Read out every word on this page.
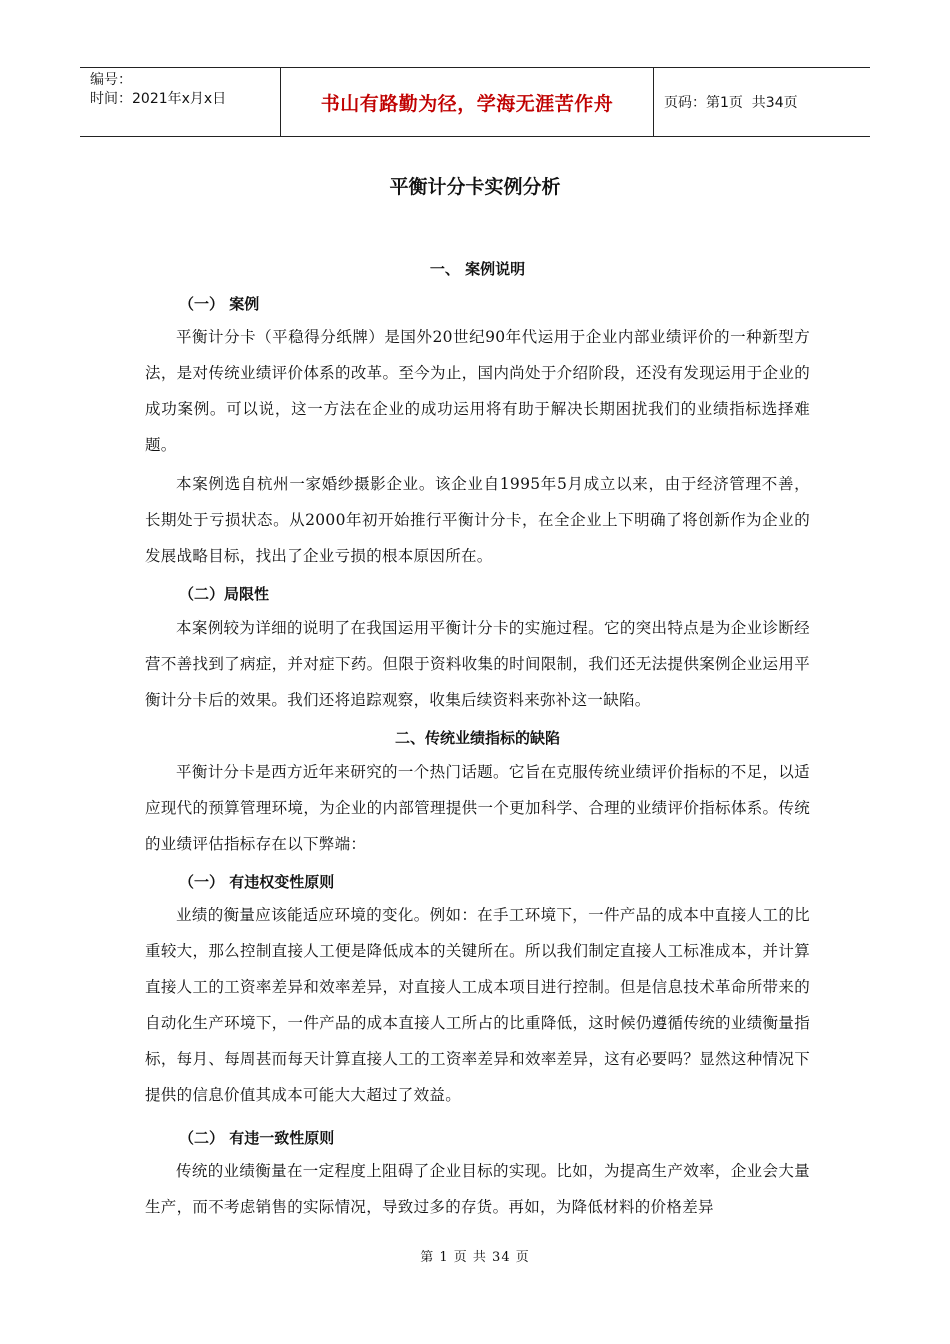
编号：
时间：2021年x月x日	书山有路勤为径，学海无涯苦作舟	页码：第1页  共34页
平衡计分卡实例分析
一、 案例说明
（一） 案例
平衡计分卡（平稳得分纸牌）是国外20世纪90年代运用于企业内部业绩评价的一种新型方法，是对传统业绩评价体系的改革。至今为止，国内尚处于介绍阶段，还没有发现运用于企业的成功案例。可以说，这一方法在企业的成功运用将有助于解决长期困扰我们的业绩指标选择难题。
本案例选自杭州一家婚纱摄影企业。该企业自1995年5月成立以来，由于经济管理不善，长期处于亏损状态。从2000年初开始推行平衡计分卡，在全企业上下明确了将创新作为企业的发展战略目标，找出了企业亏损的根本原因所在。
（二）局限性
本案例较为详细的说明了在我国运用平衡计分卡的实施过程。它的突出特点是为企业诊断经营不善找到了病症，并对症下药。但限于资料收集的时间限制，我们还无法提供案例企业运用平衡计分卡后的效果。我们还将追踪观察，收集后续资料来弥补这一缺陷。
二、传统业绩指标的缺陷
平衡计分卡是西方近年来研究的一个热门话题。它旨在克服传统业绩评价指标的不足，以适应现代的预算管理环境，为企业的内部管理提供一个更加科学、合理的业绩评价指标体系。传统的业绩评估指标存在以下弊端：
（一） 有违权变性原则
业绩的衡量应该能适应环境的变化。例如：在手工环境下，一件产品的成本中直接人工的比重较大，那么控制直接人工便是降低成本的关键所在。所以我们制定直接人工标准成本，并计算直接人工的工资率差异和效率差异，对直接人工成本项目进行控制。但是信息技术革命所带来的自动化生产环境下，一件产品的成本直接人工所占的比重降低，这时候仍遵循传统的业绩衡量指标，每月、每周甚而每天计算直接人工的工资率差异和效率差异，这有必要吗？显然这种情况下提供的信息价值其成本可能大大超过了效益。
（二） 有违一致性原则
传统的业绩衡量在一定程度上阻碍了企业目标的实现。比如，为提高生产效率，企业会大量生产，而不考虑销售的实际情况，导致过多的存货。再如，为降低材料的价格差异
第 1 页 共 34 页
